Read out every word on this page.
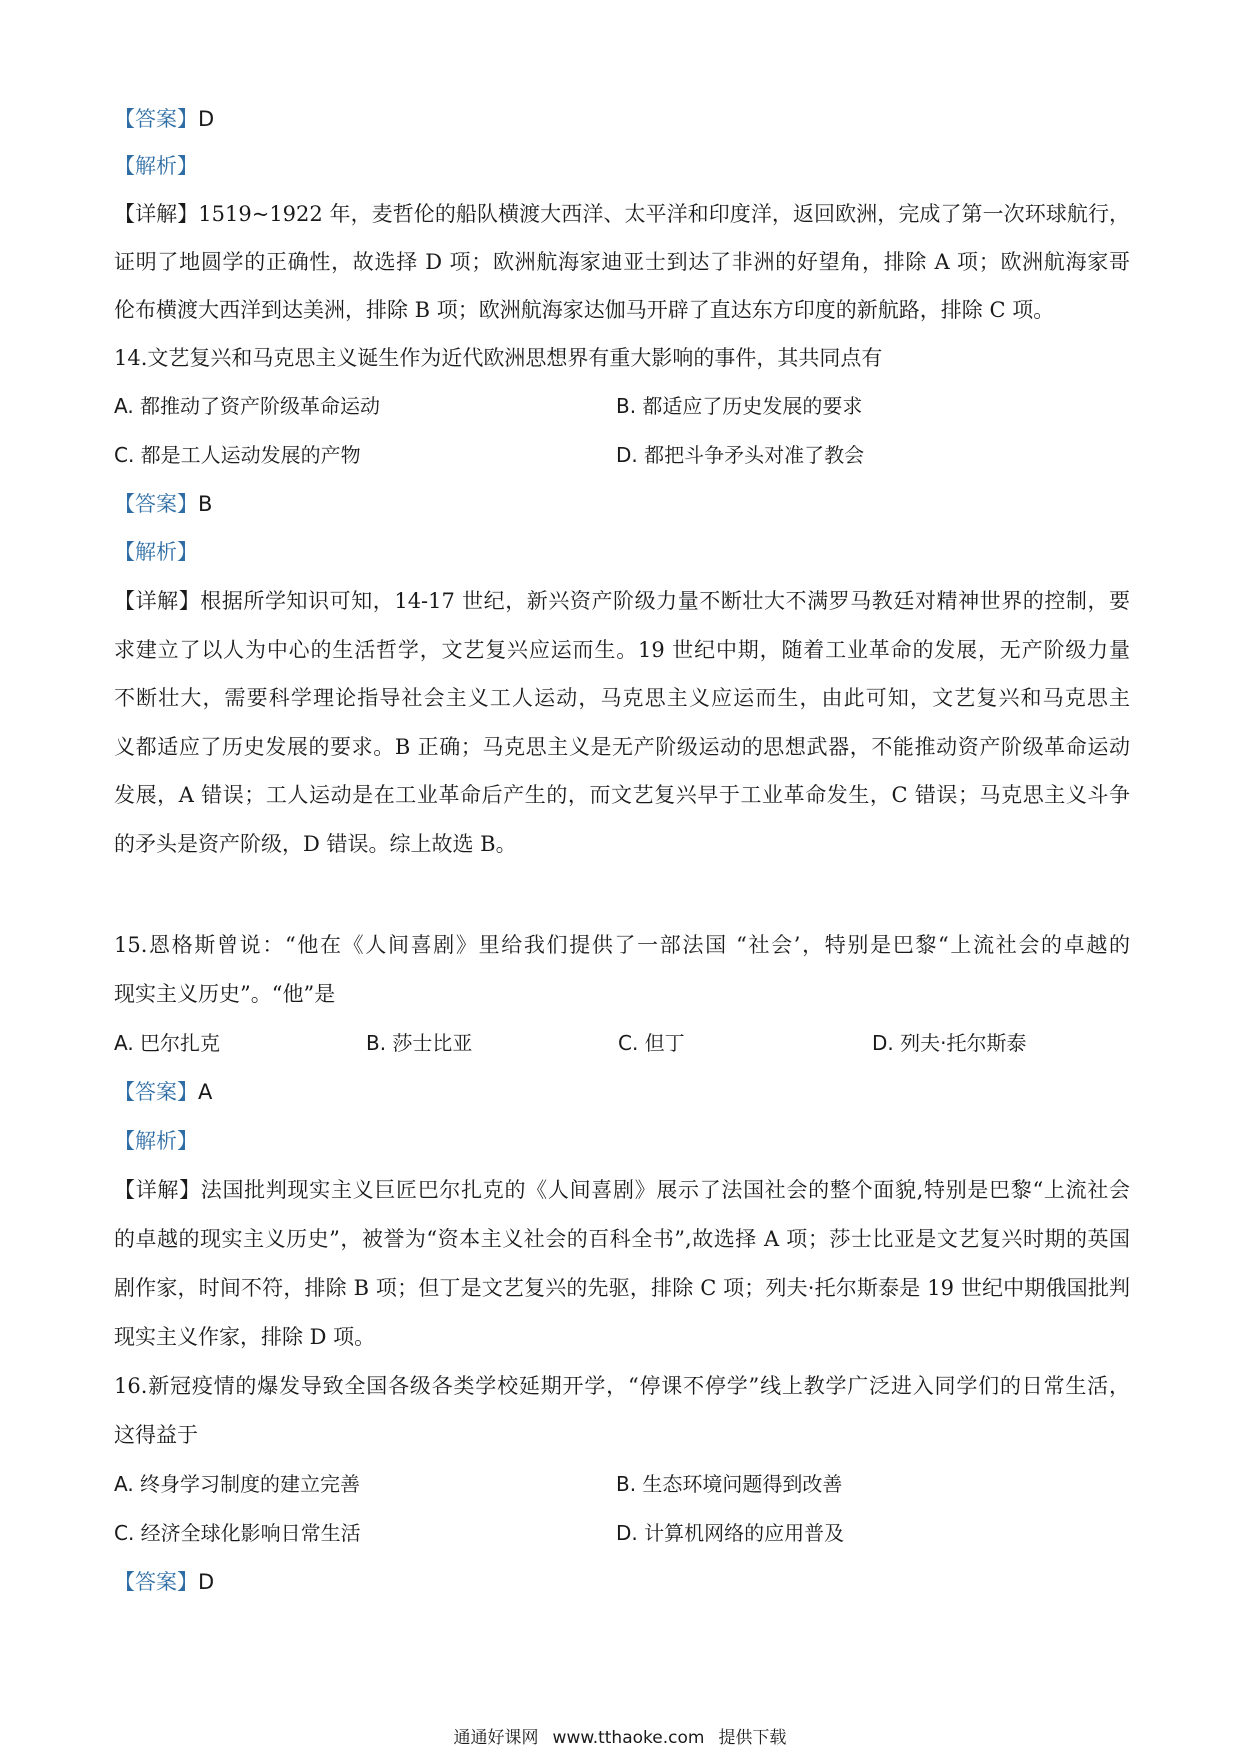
【答案】D
【解析】
【详解】1519~1922 年，麦哲伦的船队横渡大西洋、太平洋和印度洋，返回欧洲，完成了第一次环球航行，
证明了地圆学的正确性，故选择 D 项；欧洲航海家迪亚士到达了非洲的好望角，排除 A 项；欧洲航海家哥
伦布横渡大西洋到达美洲，排除 B 项；欧洲航海家达伽马开辟了直达东方印度的新航路，排除 C 项。
14.文艺复兴和马克思主义诞生作为近代欧洲思想界有重大影响的事件，其共同点有
A. 都推动了资产阶级革命运动	B. 都适应了历史发展的要求
C. 都是工人运动发展的产物	D. 都把斗争矛头对准了教会
【答案】B
【解析】
【详解】根据所学知识可知，14-17 世纪，新兴资产阶级力量不断壮大不满罗马教廷对精神世界的控制，要
求建立了以人为中心的生活哲学，文艺复兴应运而生。19 世纪中期，随着工业革命的发展，无产阶级力量
不断壮大，需要科学理论指导社会主义工人运动，马克思主义应运而生，由此可知，文艺复兴和马克思主
义都适应了历史发展的要求。B 正确；马克思主义是无产阶级运动的思想武器，不能推动资产阶级革命运动
发展，A 错误；工人运动是在工业革命后产生的，而文艺复兴早于工业革命发生，C 错误；马克思主义斗争
的矛头是资产阶级，D 错误。综上故选 B。
15.恩格斯曾说：“他在《人间喜剧》里给我们提供了一部法国 “社会’，特别是巴黎“上流社会的卓越的
现实主义历史”。“他”是
A. 巴尔扎克	B. 莎士比亚	C. 但丁	D. 列夫·托尔斯泰
【答案】A
【解析】
【详解】法国批判现实主义巨匠巴尔扎克的《人间喜剧》展示了法国社会的整个面貌,特别是巴黎“上流社会
的卓越的现实主义历史”，被誉为“资本主义社会的百科全书”,故选择 A 项；莎士比亚是文艺复兴时期的英国
剧作家，时间不符，排除 B 项；但丁是文艺复兴的先驱，排除 C 项；列夫·托尔斯泰是 19 世纪中期俄国批判
现实主义作家，排除 D 项。
16.新冠疫情的爆发导致全国各级各类学校延期开学，“停课不停学”线上教学广泛进入同学们的日常生活，
这得益于
A. 终身学习制度的建立完善	B. 生态环境问题得到改善
C. 经济全球化影响日常生活	D. 计算机网络的应用普及
【答案】D
通通好课网 www.tthaoke.com 提供下载
